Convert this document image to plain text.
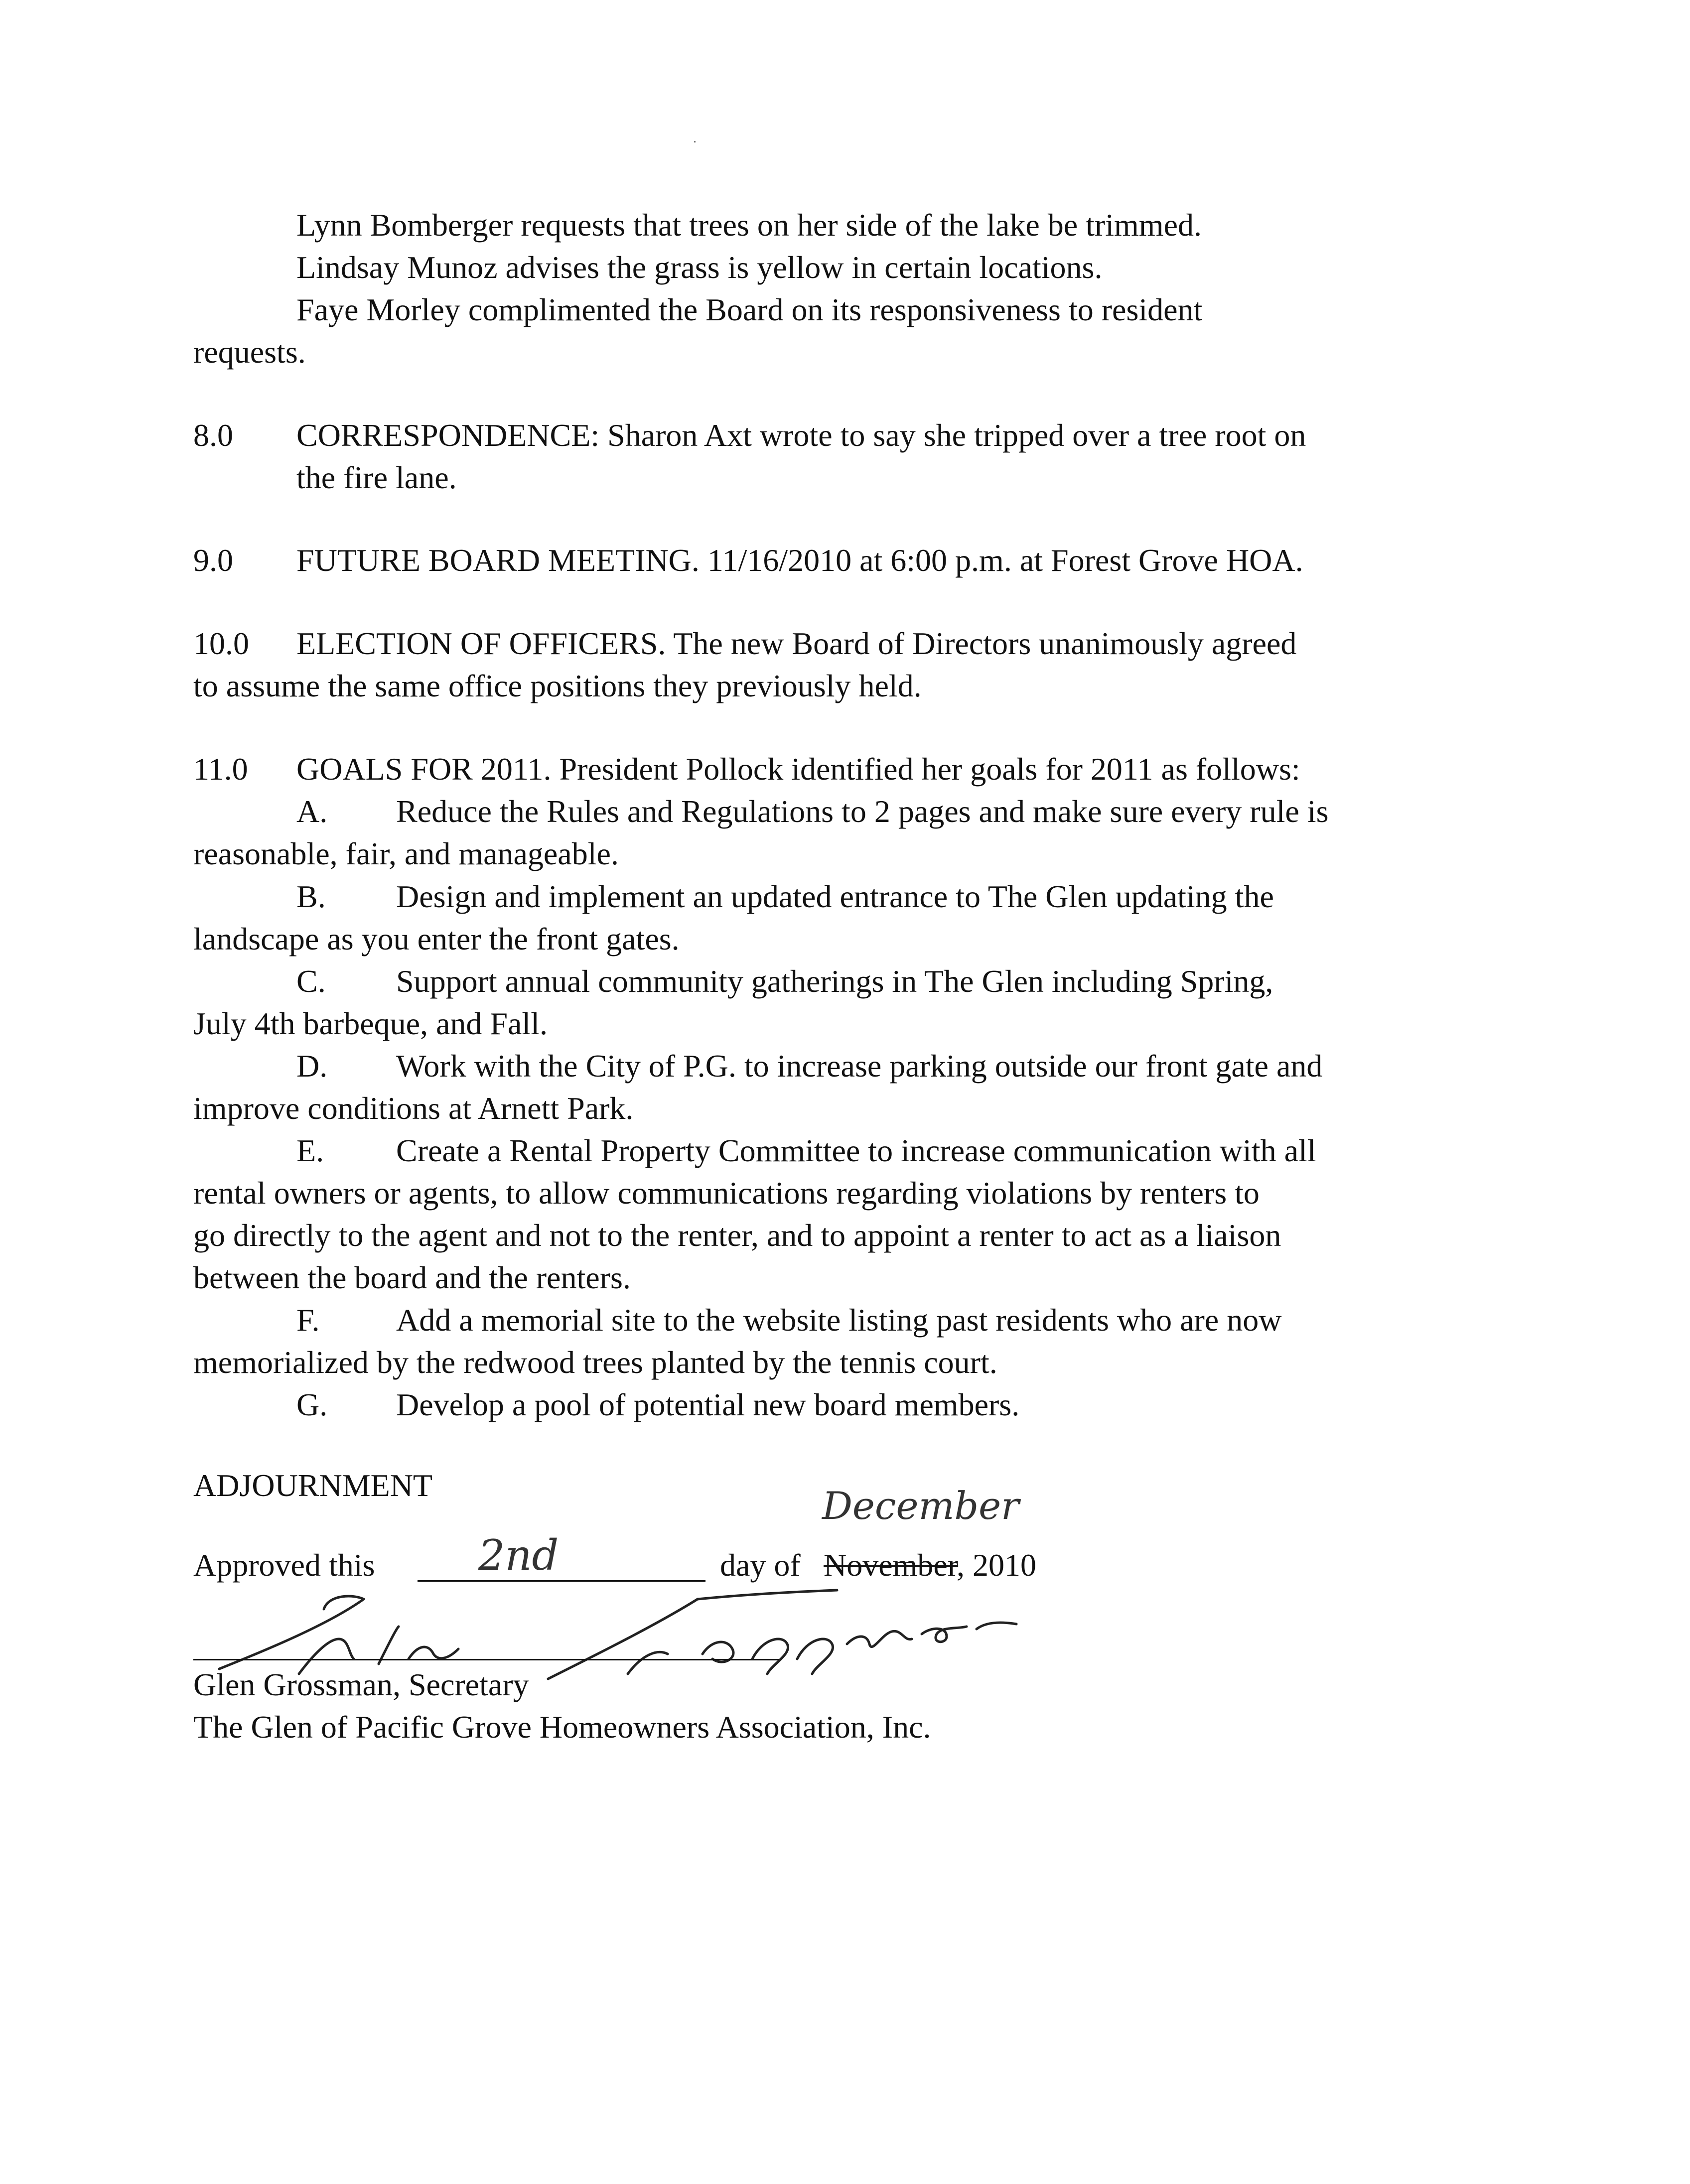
Lynn Bomberger requests that trees on her side of the lake be trimmed.
Lindsay Munoz advises the grass is yellow in certain locations.
Faye Morley complimented the Board on its responsiveness to resident
requests.
8.0 CORRESPONDENCE: Sharon Axt wrote to say she tripped over a tree root on
the fire lane.
9.0 FUTURE BOARD MEETING. 11/16/2010 at 6:00 p.m. at Forest Grove HOA.
10.0 ELECTION OF OFFICERS. The new Board of Directors unanimously agreed
to assume the same office positions they previously held.
11.0 GOALS FOR 2011. President Pollock identified her goals for 2011 as follows:
A. Reduce the Rules and Regulations to 2 pages and make sure every rule is
reasonable, fair, and manageable.
B. Design and implement an updated entrance to The Glen updating the
landscape as you enter the front gates.
C. Support annual community gatherings in The Glen including Spring,
July 4th barbeque, and Fall.
D. Work with the City of P.G. to increase parking outside our front gate and
improve conditions at Arnett Park.
E. Create a Rental Property Committee to increase communication with all
rental owners or agents, to allow communications regarding violations by renters to
go directly to the agent and not to the renter, and to appoint a renter to act as a liaison
between the board and the renters.
F. Add a memorial site to the website listing past residents who are now
memorialized by the redwood trees planted by the tennis court.
G. Develop a pool of potential new board members.
ADJOURNMENT	December
Approved this 2nd	day of November
, 2010
Glen Grossman, Secretary
The Glen of Pacific Grove Homeowners Association, Inc.
